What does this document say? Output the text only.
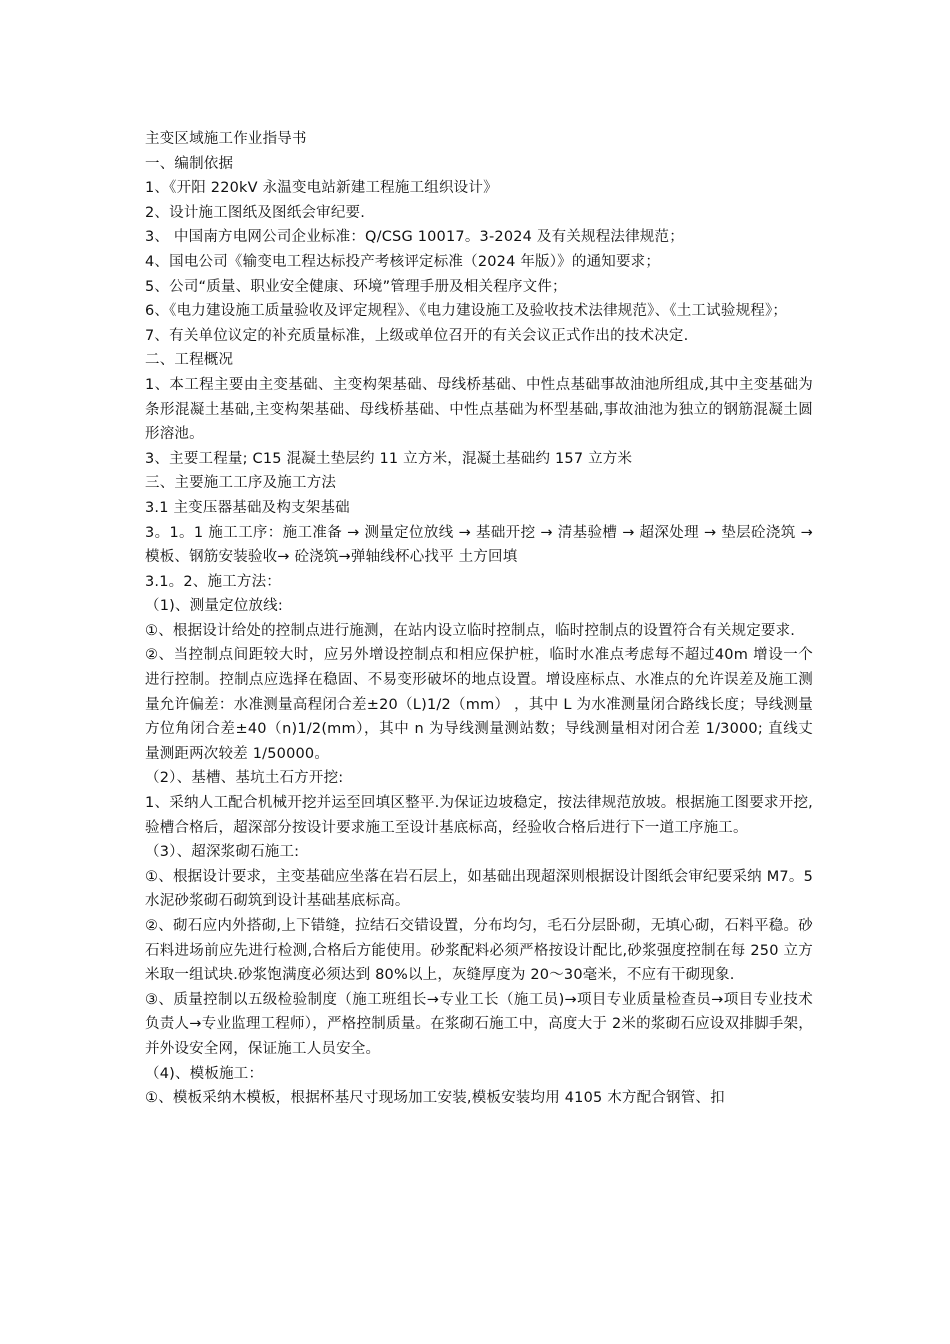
主变区域施工作业指导书

一、编制依据

1、《开阳 220kV 永温变电站新建工程施工组织设计》

2、设计施工图纸及图纸会审纪要.

3、 中国南方电网公司企业标准：Q/CSG 10017。3-2024 及有关规程法律规范；

4、国电公司《输变电工程达标投产考核评定标准（2024 年版）》的通知要求；

5、公司“质量、职业安全健康、环境”管理手册及相关程序文件；

6、《电力建设施工质量验收及评定规程》、《电力建设施工及验收技术法律规范》、《土工试验规程》；

7、有关单位议定的补充质量标准，上级或单位召开的有关会议正式作出的技术决定.

二、工程概况

1、本工程主要由主变基础、主变构架基础、母线桥基础、中性点基础事故油池所组成,其中主变基础为条形混凝土基础,主变构架基础、母线桥基础、中性点基础为杯型基础,事故油池为独立的钢筋混凝土圆形溶池。

3、主要工程量; C15 混凝土垫层约 11 立方米，混凝土基础约 157 立方米

三、主要施工工序及施工方法

3.1 主变压器基础及构支架基础

3。1。1 施工工序：施工准备 → 测量定位放线 → 基础开挖 → 清基验槽 → 超深处理 → 垫层砼浇筑 →模板、钢筋安装验收→ 砼浇筑→弹轴线杯心找平 土方回填

3.1。2、施工方法：

（1)、测量定位放线:

①、根据设计给处的控制点进行施测，在站内设立临时控制点，临时控制点的设置符合有关规定要求.

②、当控制点间距较大时，应另外增设控制点和相应保护桩，临时水准点考虑每不超过40m 增设一个进行控制。控制点应选择在稳固、不易变形破坏的地点设置。增设座标点、水准点的允许误差及施工测量允许偏差：水准测量高程闭合差±20（L)1/2（mm） ，其中 L 为水准测量闭合路线长度；导线测量方位角闭合差±40（n)1/2(mm），其中 n 为导线测量测站数；导线测量相对闭合差 1/3000; 直线丈量测距两次较差 1/50000。

（2）、基槽、基坑土石方开挖:

1、采纳人工配合机械开挖并运至回填区整平.为保证边坡稳定，按法律规范放坡。根据施工图要求开挖,验槽合格后，超深部分按设计要求施工至设计基底标高，经验收合格后进行下一道工序施工。

（3）、超深浆砌石施工:

①、根据设计要求，主变基础应坐落在岩石层上，如基础出现超深则根据设计图纸会审纪要采纳 M7。5 水泥砂浆砌石砌筑到设计基础基底标高。

②、砌石应内外搭砌,上下错缝，拉结石交错设置，分布均匀，毛石分层卧砌，无填心砌，石料平稳。砂石料进场前应先进行检测,合格后方能使用。砂浆配料必须严格按设计配比,砂浆强度控制在每 250 立方米取一组试块.砂浆饱满度必须达到 80%以上，灰缝厚度为 20～30毫米，不应有干砌现象.

③、质量控制以五级检验制度（施工班组长→专业工长（施工员)→项目专业质量检查员→项目专业技术负责人→专业监理工程师），严格控制质量。在浆砌石施工中，高度大于 2米的浆砌石应设双排脚手架，并外设安全网，保证施工人员安全。

（4)、模板施工：

①、模板采纳木模板，根据杯基尺寸现场加工安装,模板安装均用 4105 木方配合钢管、扣
